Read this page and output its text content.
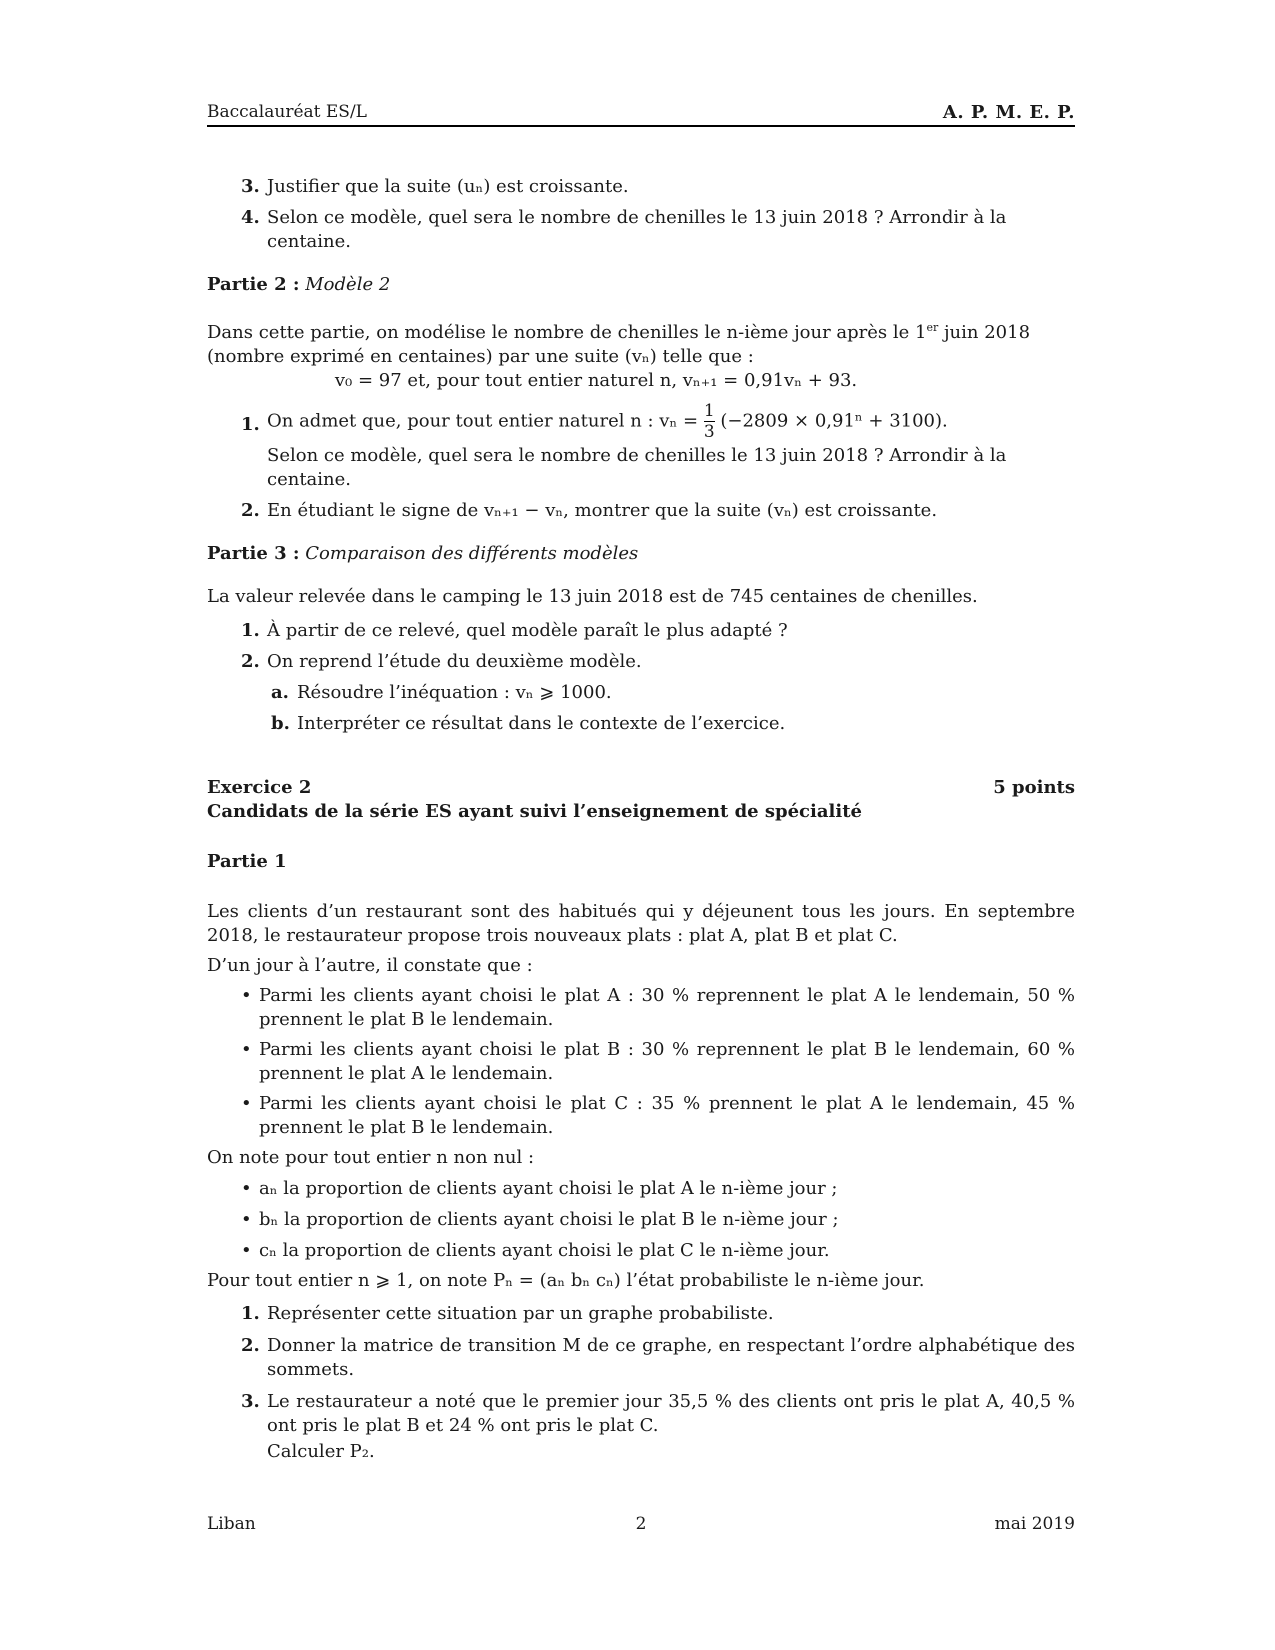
Baccalauréat ES/L	A. P. M. E. P.
3. Justifier que la suite (uₙ) est croissante.
4. Selon ce modèle, quel sera le nombre de chenilles le 13 juin 2018 ? Arrondir à la centaine.

Partie 2 : Modèle 2

Dans cette partie, on modélise le nombre de chenilles le n-ième jour après le 1er juin 2018 (nombre exprimé en centaines) par une suite (vₙ) telle que :

v₀ = 97 et, pour tout entier naturel n, vₙ₊₁ = 0,91vₙ + 93.

1. On admet que, pour tout entier naturel n : $v_n = \frac{1}{3} (-2809 \times 0,91^n + 3100)$.

Selon ce modèle, quel sera le nombre de chenilles le 13 juin 2018 ? Arrondir à la centaine.

2. En étudiant le signe de vₙ₊₁ − vₙ, montrer que la suite (vₙ) est croissante.

Partie 3 : Comparaison des différents modèles

La valeur relevée dans le camping le 13 juin 2018 est de 745 centaines de chenilles.

1. À partir de ce relevé, quel modèle paraît le plus adapté ?
2. On reprend l’étude du deuxième modèle.
a. Résoudre l’inéquation : vₙ ⩾ 1000.
b. Interpréter ce résultat dans le contexte de l’exercice.
Exercice 2	5 points

Candidats de la série ES ayant suivi l’enseignement de spécialité

Partie 1

Les clients d’un restaurant sont des habitués qui y déjeunent tous les jours. En septembre 2018, le restaurateur propose trois nouveaux plats : plat A, plat B et plat C.

D’un jour à l’autre, il constate que :

• Parmi les clients ayant choisi le plat A : 30 % reprennent le plat A le lendemain, 50 % prennent le plat B le lendemain.
• Parmi les clients ayant choisi le plat B : 30 % reprennent le plat B le lendemain, 60 % prennent le plat A le lendemain.
• Parmi les clients ayant choisi le plat C : 35 % prennent le plat A le lendemain, 45 % prennent le plat B le lendemain.

On note pour tout entier n non nul :

• aₙ la proportion de clients ayant choisi le plat A le n-ième jour ;
• bₙ la proportion de clients ayant choisi le plat B le n-ième jour ;
• cₙ la proportion de clients ayant choisi le plat C le n-ième jour.

Pour tout entier n ⩾ 1, on note Pₙ = (aₙ bₙ cₙ) l’état probabiliste le n-ième jour.

1. Représenter cette situation par un graphe probabiliste.
2. Donner la matrice de transition M de ce graphe, en respectant l’ordre alphabétique des sommets.
3. Le restaurateur a noté que le premier jour 35,5 % des clients ont pris le plat A, 40,5 % ont pris le plat B et 24 % ont pris le plat C.

Calculer P₂.

Liban	2	mai 2019
